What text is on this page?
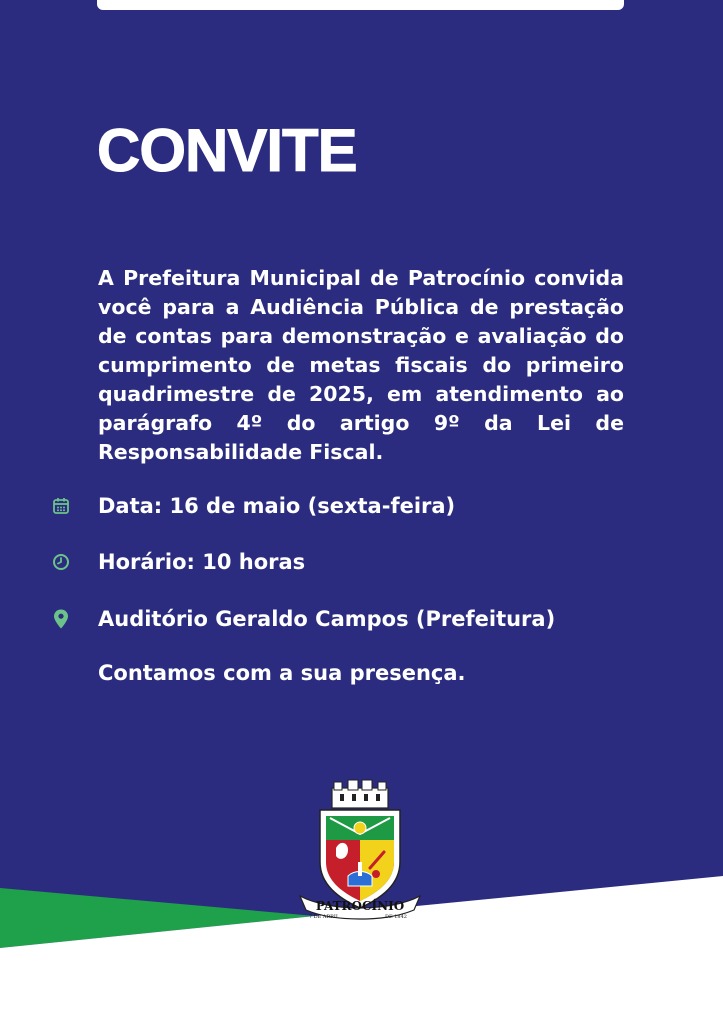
CONVITE

A Prefeitura Municipal de Patrocínio convida você para a Audiência Pública de prestação de contas para demonstração e avaliação do cumprimento de metas fiscais do primeiro quadrimestre de 2025, em atendimento ao parágrafo 4º do artigo 9º da Lei de Responsabilidade Fiscal.

Data: 16 de maio (sexta-feira)
Horário: 10 horas
Auditório Geraldo Campos (Prefeitura)
Contamos com a sua presença.
PATROCÍNIO
7 DE ABRIL	DE 1842
